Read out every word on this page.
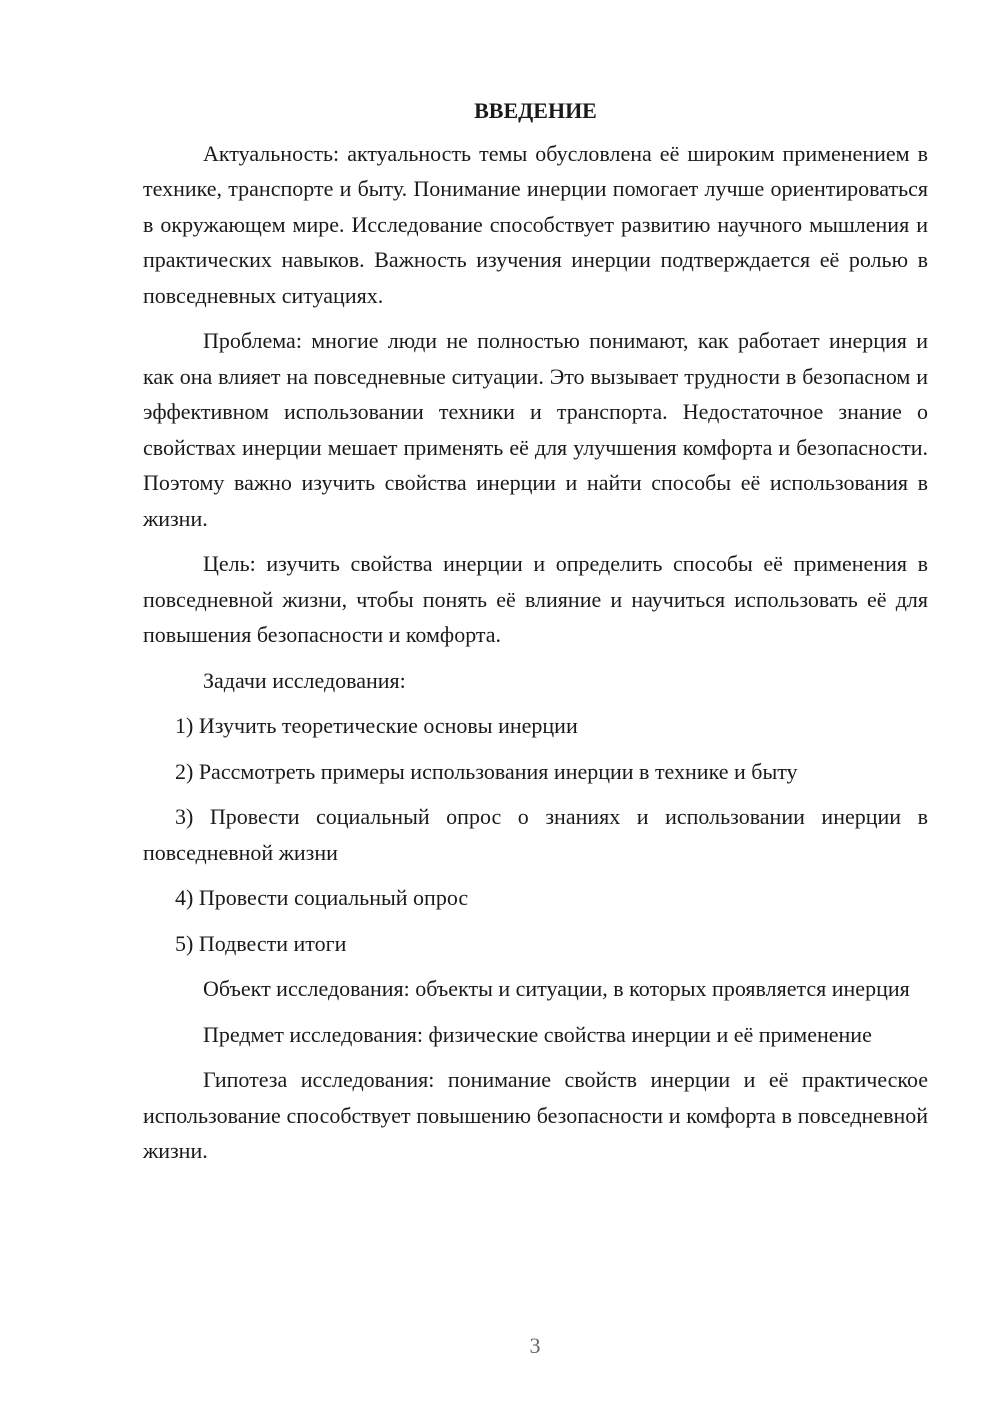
ВВЕДЕНИЕ

Актуальность: актуальность темы обусловлена её широким применением в технике, транспорте и быту. Понимание инерции помогает лучше ориентироваться в окружающем мире. Исследование способствует развитию научного мышления и практических навыков. Важность изучения инерции подтверждается её ролью в повседневных ситуациях.

Проблема: многие люди не полностью понимают, как работает инерция и как она влияет на повседневные ситуации. Это вызывает трудности в безопасном и эффективном использовании техники и транспорта. Недостаточное знание о свойствах инерции мешает применять её для улучшения комфорта и безопасности. Поэтому важно изучить свойства инерции и найти способы её использования в жизни.

Цель: изучить свойства инерции и определить способы её применения в повседневной жизни, чтобы понять её влияние и научиться использовать её для повышения безопасности и комфорта.

Задачи исследования:

1) Изучить теоретические основы инерции

2) Рассмотреть примеры использования инерции в технике и быту

3) Провести социальный опрос о знаниях и использовании инерции в повседневной жизни

4) Провести социальный опрос

5) Подвести итоги

Объект исследования: объекты и ситуации, в которых проявляется инерция

Предмет исследования: физические свойства инерции и её применение

Гипотеза исследования: понимание свойств инерции и её практическое использование способствует повышению безопасности и комфорта в повседневной жизни.

3
